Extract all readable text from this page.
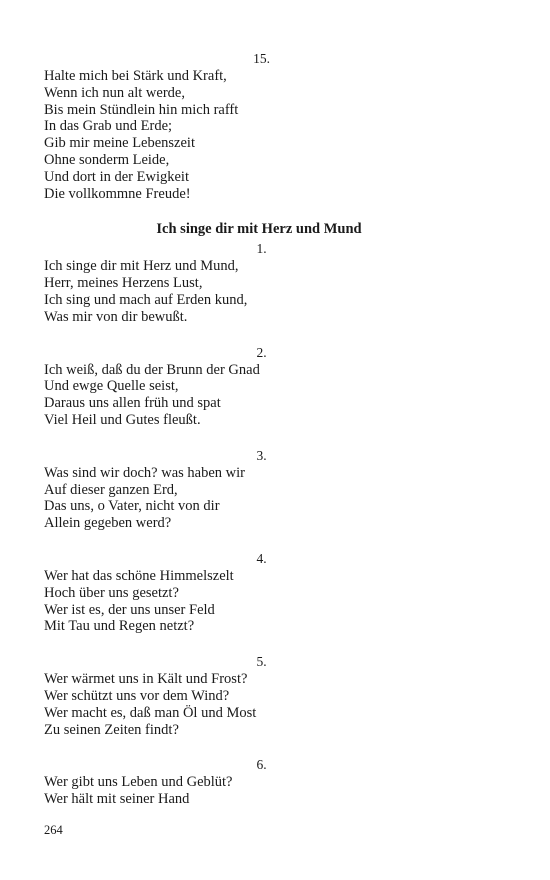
15.
Halte mich bei Stärk und Kraft,
Wenn ich nun alt werde,
Bis mein Stündlein hin mich rafft
In das Grab und Erde;
Gib mir meine Lebenszeit
Ohne sonderm Leide,
Und dort in der Ewigkeit
Die vollkommne Freude!
Ich singe dir mit Herz und Mund
1.
Ich singe dir mit Herz und Mund,
Herr, meines Herzens Lust,
Ich sing und mach auf Erden kund,
Was mir von dir bewußt.
2.
Ich weiß, daß du der Brunn der Gnad
Und ewge Quelle seist,
Daraus uns allen früh und spat
Viel Heil und Gutes fleußt.
3.
Was sind wir doch? was haben wir
Auf dieser ganzen Erd,
Das uns, o Vater, nicht von dir
Allein gegeben werd?
4.
Wer hat das schöne Himmelszelt
Hoch über uns gesetzt?
Wer ist es, der uns unser Feld
Mit Tau und Regen netzt?
5.
Wer wärmet uns in Kält und Frost?
Wer schützt uns vor dem Wind?
Wer macht es, daß man Öl und Most
Zu seinen Zeiten findt?
6.
Wer gibt uns Leben und Geblüt?
Wer hält mit seiner Hand
264
